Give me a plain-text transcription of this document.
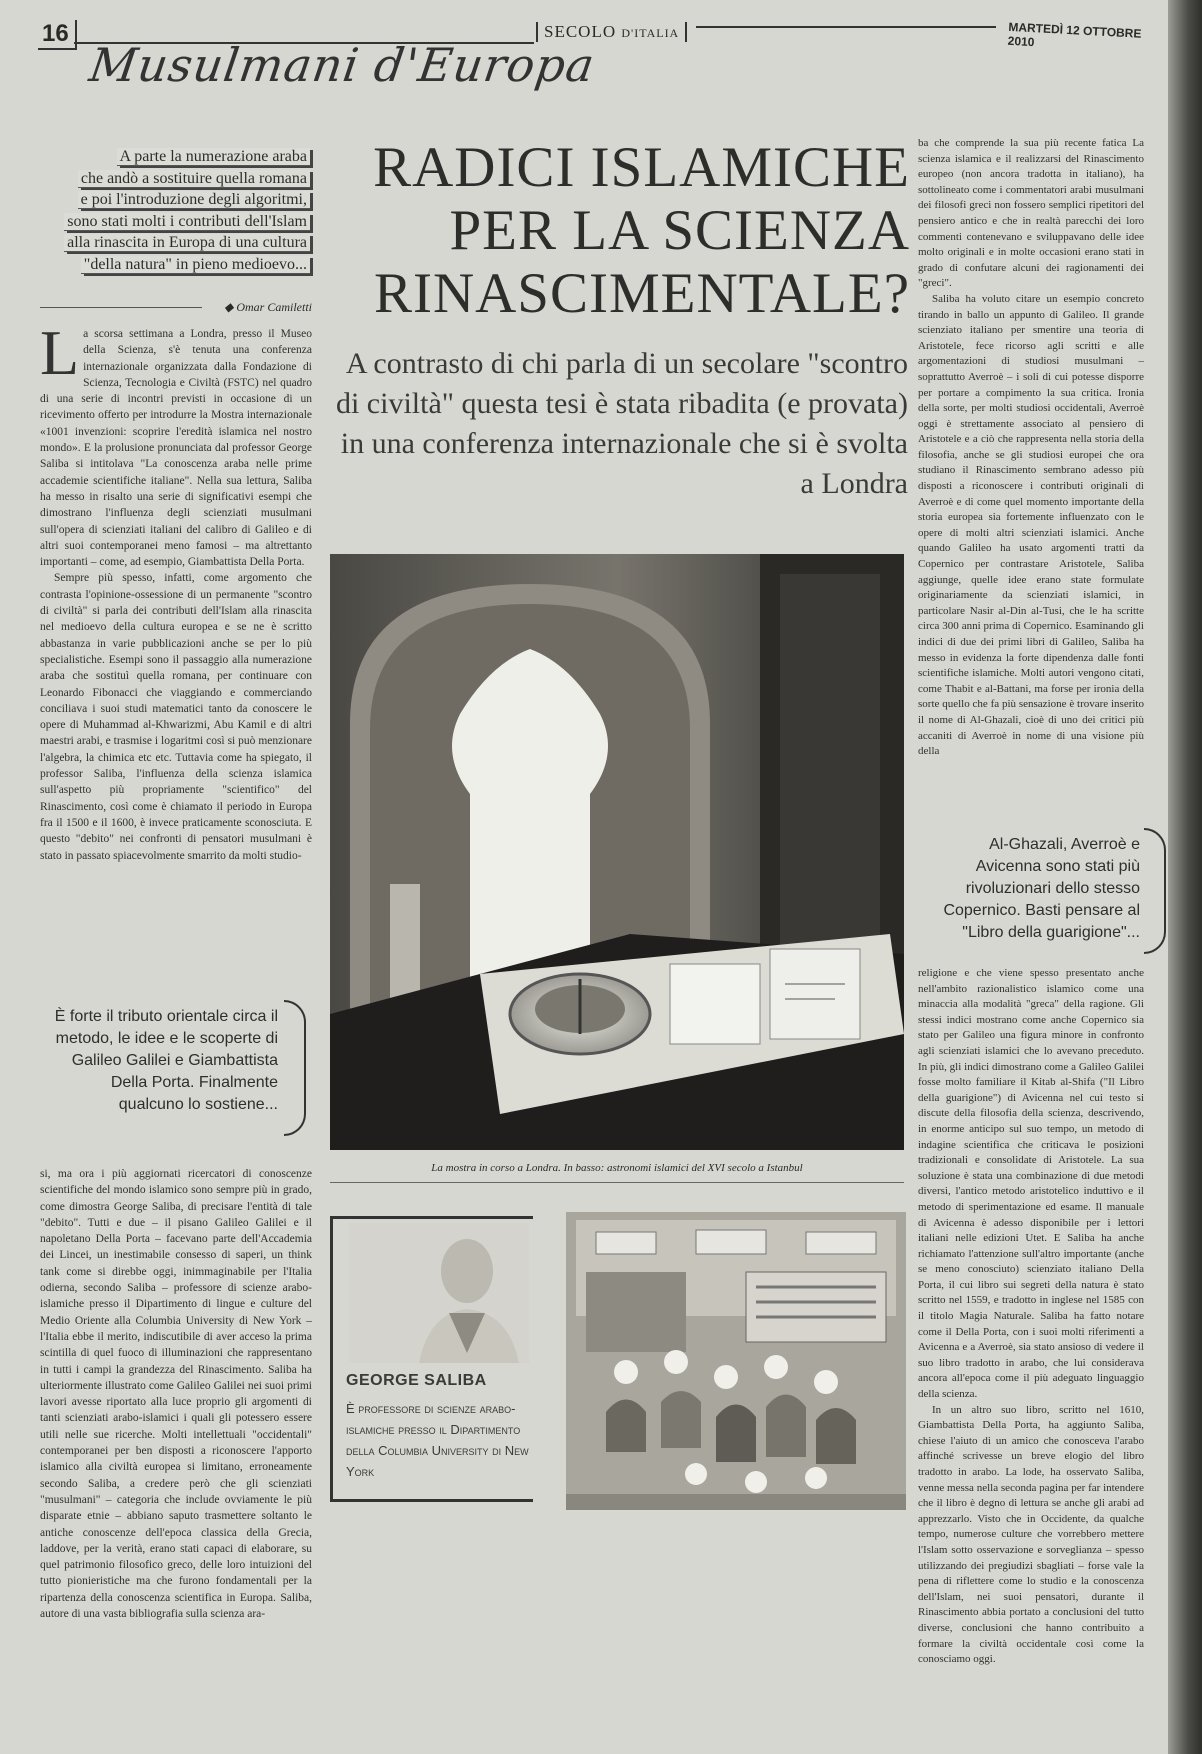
16	SECOLO D'ITALIA	MARTEDÌ 12 OTTOBRE 2010
Musulmani d'Europa
A parte la numerazione araba
che andò a sostituire quella romana
e poi l'introduzione degli algoritmi,
sono stati molti i contributi dell'Islam
alla rinascita in Europa di una cultura
"della natura" in pieno medioevo...
◆ Omar Camiletti
RADICI ISLAMICHE PER LA SCIENZA RINASCIMENTALE?
A contrasto di chi parla di un secolare "scontro di civiltà" questa tesi è stata ribadita (e provata) in una conferenza internazionale che si è svolta a Londra

La scorsa settimana a Londra, presso il Museo della Scienza, s'è tenuta una conferenza internazionale organizzata dalla Fondazione di Scienza, Tecnologia e Civiltà (FSTC) nel quadro di una serie di incontri previsti in occasione di un ricevimento offerto per introdurre la Mostra internazionale «1001 invenzioni: scoprire l'eredità islamica nel nostro mondo». E la prolusione pronunciata dal professor George Saliba si intitolava "La conoscenza araba nelle prime accademie scientifiche italiane". Nella sua lettura, Saliba ha messo in risalto una serie di significativi esempi che dimostrano l'influenza degli scienziati musulmani sull'opera di scienziati italiani del calibro di Galileo e di altri suoi contemporanei meno famosi – ma altrettanto importanti – come, ad esempio, Giambattista Della Porta.

Sempre più spesso, infatti, come argomento che contrasta l'opinione-ossessione di un permanente "scontro di civiltà" si parla dei contributi dell'Islam alla rinascita nel medioevo della cultura europea e se ne è scritto abbastanza in varie pubblicazioni anche se per lo più specialistiche. Esempi sono il passaggio alla numerazione araba che sostituì quella romana, per continuare con Leonardo Fibonacci che viaggiando e commerciando conciliava i suoi studi matematici tanto da conoscere le opere di Muhammad al-Khwarizmi, Abu Kamil e di altri maestri arabi, e trasmise i logaritmi così si può menzionare l'algebra, la chimica etc etc. Tuttavia come ha spiegato, il professor Saliba, l'influenza della scienza islamica sull'aspetto più propriamente "scientifico" del Rinascimento, così come è chiamato il periodo in Europa fra il 1500 e il 1600, è invece praticamente sconosciuta. E questo "debito" nei confronti di pensatori musulmani è stato in passato spiacevolmente smarrito da molti studio-

È forte il tributo orientale circa il metodo, le idee e le scoperte di Galileo Galilei e Giambattista Della Porta. Finalmente qualcuno lo sostiene...

si, ma ora i più aggiornati ricercatori di conoscenze scientifiche del mondo islamico sono sempre più in grado, come dimostra George Saliba, di precisare l'entità di tale "debito". Tutti e due – il pisano Galileo Galilei e il napoletano Della Porta – facevano parte dell'Accademia dei Lincei, un inestimabile consesso di saperi, un think tank come si direbbe oggi, inimmaginabile per l'Italia odierna, secondo Saliba – professore di scienze arabo-islamiche presso il Dipartimento di lingue e culture del Medio Oriente alla Columbia University di New York – l'Italia ebbe il merito, indiscutibile di aver acceso la prima scintilla di quel fuoco di illuminazioni che rappresentano in tutti i campi la grandezza del Rinascimento. Saliba ha ulteriormente illustrato come Galileo Galilei nei suoi primi lavori avesse riportato alla luce proprio gli argomenti di tanti scienziati arabo-islamici i quali gli potessero essere utili nelle sue ricerche. Molti intellettuali "occidentali" contemporanei per ben disposti a riconoscere l'apporto islamico alla civiltà europea si limitano, erroneamente secondo Saliba, a credere però che gli scienziati "musulmani" – categoria che include ovviamente le più disparate etnie – abbiano saputo trasmettere soltanto le antiche conoscenze dell'epoca classica della Grecia, laddove, per la verità, erano stati capaci di elaborare, su quel patrimonio filosofico greco, delle loro intuizioni del tutto pionieristiche ma che furono fondamentali per la ripartenza della conoscenza scientifica in Europa. Saliba, autore di una vasta bibliografia sulla scienza ara-

La mostra in corso a Londra. In basso: astronomi islamici del XVI secolo a Istanbul
GEORGE SALIBA
È professore di scienze arabo-islamiche presso il Dipartimento della Columbia University di New York

ba che comprende la sua più recente fatica La scienza islamica e il realizzarsi del Rinascimento europeo (non ancora tradotta in italiano), ha sottolineato come i commentatori arabi musulmani dei filosofi greci non fossero semplici ripetitori del pensiero antico e che in realtà parecchi dei loro commenti contenevano e sviluppavano delle idee molto originali e in molte occasioni erano stati in grado di confutare alcuni dei ragionamenti dei "greci".

Saliba ha voluto citare un esempio concreto tirando in ballo un appunto di Galileo. Il grande scienziato italiano per smentire una teoria di Aristotele, fece ricorso agli scritti e alle argomentazioni di studiosi musulmani – soprattutto Averroè – i soli di cui potesse disporre per portare a compimento la sua critica. Ironia della sorte, per molti studiosi occidentali, Averroè oggi è strettamente associato al pensiero di Aristotele e a ciò che rappresenta nella storia della filosofia, anche se gli studiosi europei che ora studiano il Rinascimento sembrano adesso più disposti a riconoscere i contributi originali di Averroè e di come quel momento importante della storia europea sia fortemente influenzato con le opere di molti altri scienziati islamici. Anche quando Galileo ha usato argomenti tratti da Copernico per contrastare Aristotele, Saliba aggiunge, quelle idee erano state formulate originariamente da scienziati islamici, in particolare Nasir al-Din al-Tusi, che le ha scritte circa 300 anni prima di Copernico. Esaminando gli indici di due dei primi libri di Galileo, Saliba ha messo in evidenza la forte dipendenza dalle fonti scientifiche islamiche. Molti autori vengono citati, come Thabit e al-Battani, ma forse per ironia della sorte quello che fa più sensazione è trovare inserito il nome di Al-Ghazali, cioè di uno dei critici più accaniti di Averroè in nome di una visione più della

Al-Ghazali, Averroè e Avicenna sono stati più rivoluzionari dello stesso Copernico. Basti pensare al "Libro della guarigione"...

religione e che viene spesso presentato anche nell'ambito razionalistico islamico come una minaccia alla modalità "greca" della ragione. Gli stessi indici mostrano come anche Copernico sia stato per Galileo una figura minore in confronto agli scienziati islamici che lo avevano preceduto. In più, gli indici dimostrano come a Galileo Galilei fosse molto familiare il Kitab al-Shifa ("Il Libro della guarigione") di Avicenna nel cui testo si discute della filosofia della scienza, descrivendo, in enorme anticipo sul suo tempo, un metodo di indagine scientifica che criticava le posizioni tradizionali e consolidate di Aristotele. La sua soluzione è stata una combinazione di due metodi diversi, l'antico metodo aristotelico induttivo e il metodo di sperimentazione ed esame. Il manuale di Avicenna è adesso disponibile per i lettori italiani nelle edizioni Utet. E Saliba ha anche richiamato l'attenzione sull'altro importante (anche se meno conosciuto) scienziato italiano Della Porta, il cui libro sui segreti della natura è stato scritto nel 1559, e tradotto in inglese nel 1585 con il titolo Magia Naturale. Saliba ha fatto notare come il Della Porta, con i suoi molti riferimenti a Avicenna e a Averroè, sia stato ansioso di vedere il suo libro tradotto in arabo, che lui considerava ancora all'epoca come il più adeguato linguaggio della scienza.

In un altro suo libro, scritto nel 1610, Giambattista Della Porta, ha aggiunto Saliba, chiese l'aiuto di un amico che conosceva l'arabo affinché scrivesse un breve elogio del libro tradotto in arabo. La lode, ha osservato Saliba, venne messa nella seconda pagina per far intendere che il libro è degno di lettura se anche gli arabi ad apprezzarlo. Visto che in Occidente, da qualche tempo, numerose culture che vorrebbero mettere l'Islam sotto osservazione e sorveglianza – spesso utilizzando dei pregiudizi sbagliati – forse vale la pena di riflettere come lo studio e la conoscenza dell'Islam, nei suoi pensatori, durante il Rinascimento abbia portato a conclusioni del tutto diverse, conclusioni che hanno contribuito a formare la civiltà occidentale così come la conosciamo oggi.
